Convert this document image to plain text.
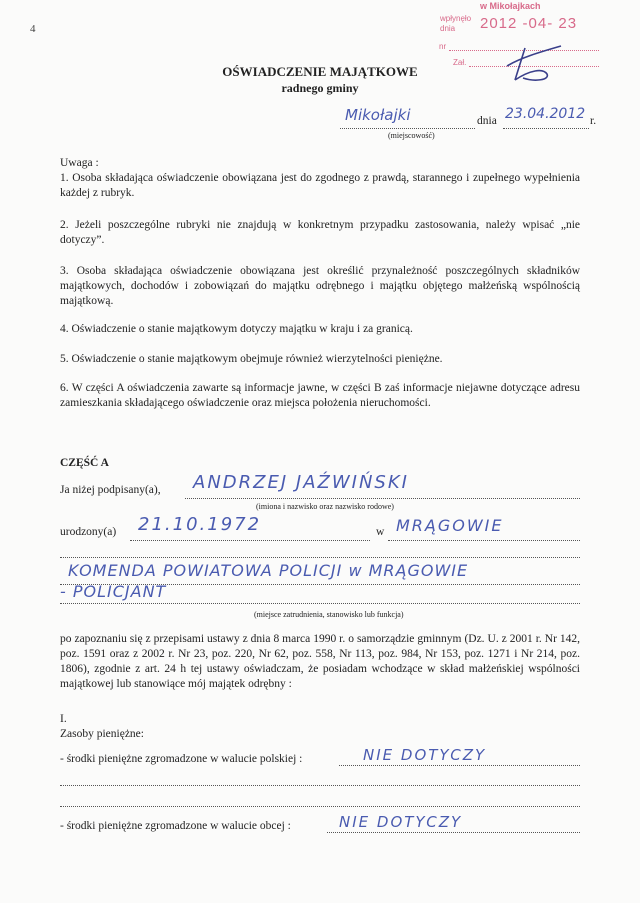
4
w Mikołajkach
wpłynęło
dnia 2012 -04- 23
nr
Zał.
OŚWIADCZENIE MAJĄTKOWE
radnego gminy
Mikołajki	dnia 23.04.2012 r.
(miejscowość)
Uwaga :
1. Osoba składająca oświadczenie obowiązana jest do zgodnego z prawdą, starannego i zupełnego wypełnienia każdej z rubryk.
2. Jeżeli poszczególne rubryki nie znajdują w konkretnym przypadku zastosowania, należy wpisać „nie dotyczy”.
3. Osoba składająca oświadczenie obowiązana jest określić przynależność poszczególnych składników majątkowych, dochodów i zobowiązań do majątku odrębnego i majątku objętego małżeńską wspólnością majątkową.
4. Oświadczenie o stanie majątkowym dotyczy majątku w kraju i za granicą.
5. Oświadczenie o stanie majątkowym obejmuje również wierzytelności pieniężne.
6. W części A oświadczenia zawarte są informacje jawne, w części B zaś informacje niejawne dotyczące adresu zamieszkania składającego oświadczenie oraz miejsca położenia nieruchomości.
CZĘŚĆ A
Ja niżej podpisany(a), ANDRZEJ JAŹWIŃSKI
(imiona i nazwisko oraz nazwisko rodowe)
urodzony(a) 21.10.1972	w MRĄGOWIE
KOMENDA POWIATOWA POLICJI w MRĄGOWIE
- POLICJANT
(miejsce zatrudnienia, stanowisko lub funkcja)
po zapoznaniu się z przepisami ustawy z dnia 8 marca 1990 r. o samorządzie gminnym (Dz. U. z 2001 r. Nr 142, poz. 1591 oraz z 2002 r. Nr 23, poz. 220, Nr 62, poz. 558, Nr 113, poz. 984, Nr 153, poz. 1271 i Nr 214, poz. 1806), zgodnie z art. 24 h tej ustawy oświadczam, że posiadam wchodzące w skład małżeńskiej wspólności majątkowej lub stanowiące mój majątek odrębny :
I.
Zasoby pieniężne:
- środki pieniężne zgromadzone w walucie polskiej :	NIE DOTYCZY
- środki pieniężne zgromadzone w walucie obcej :	NIE DOTYCZY
